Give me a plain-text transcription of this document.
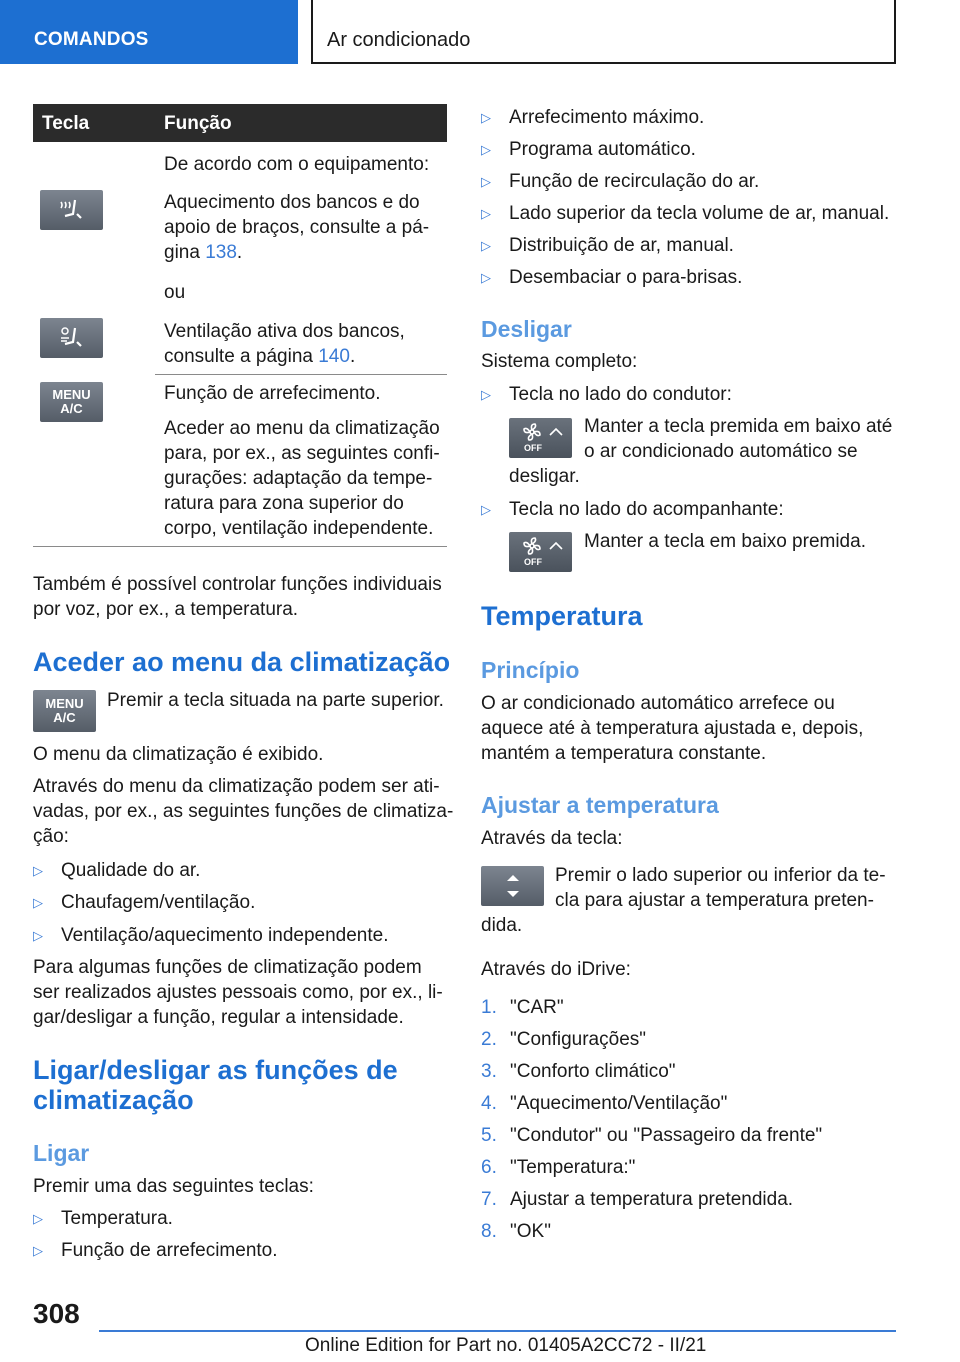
COMANDOS	Ar condicionado
Tecla	Função
De acordo com o equipamento:
Aquecimento dos bancos e do
apoio de braços, consulte a pá-
gina 138.
ou
Ventilação ativa dos bancos,
consulte a página 140.
MENU
A/C
Função de arrefecimento.
Aceder ao menu da climatização
para, por ex., as seguintes confi-
gurações: adaptação da tempe-
ratura para zona superior do
corpo, ventilação independente.
Também é possível controlar funções individuais
por voz, por ex., a temperatura.
Aceder ao menu da climatização
MENU
A/C
Premir a tecla situada na parte superior.
O menu da climatização é exibido.
Através do menu da climatização podem ser ati-
vadas, por ex., as seguintes funções de climatiza-
ção:
▷ Qualidade do ar.
▷ Chaufagem/ventilação.
▷ Ventilação/aquecimento independente.
Para algumas funções de climatização podem
ser realizados ajustes pessoais como, por ex., li-
gar/desligar a função, regular a intensidade.
Ligar/desligar as funções de
climatização
Ligar
Premir uma das seguintes teclas:
▷ Temperatura.
▷ Função de arrefecimento.
▷ Arrefecimento máximo.
▷ Programa automático.
▷ Função de recirculação do ar.
▷ Lado superior da tecla volume de ar, manual.
▷ Distribuição de ar, manual.
▷ Desembaciar o para-brisas.
Desligar
Sistema completo:
▷ Tecla no lado do condutor:
OFF
Manter a tecla premida em baixo até
o ar condicionado automático se
desligar.
▷ Tecla no lado do acompanhante:
OFF
Manter a tecla em baixo premida.
Temperatura
Princípio
O ar condicionado automático arrefece ou
aquece até à temperatura ajustada e, depois,
mantém a temperatura constante.
Ajustar a temperatura
Através da tecla:
Premir o lado superior ou inferior da te-
cla para ajustar a temperatura preten-
dida.
Através do iDrive:
1. "CAR"
2. "Configurações"
3. "Conforto climático"
4. "Aquecimento/Ventilação"
5. "Condutor" ou "Passageiro da frente"
6. "Temperatura:"
7. Ajustar a temperatura pretendida.
8. "OK"
308
Online Edition for Part no. 01405A2CC72 - II/21
